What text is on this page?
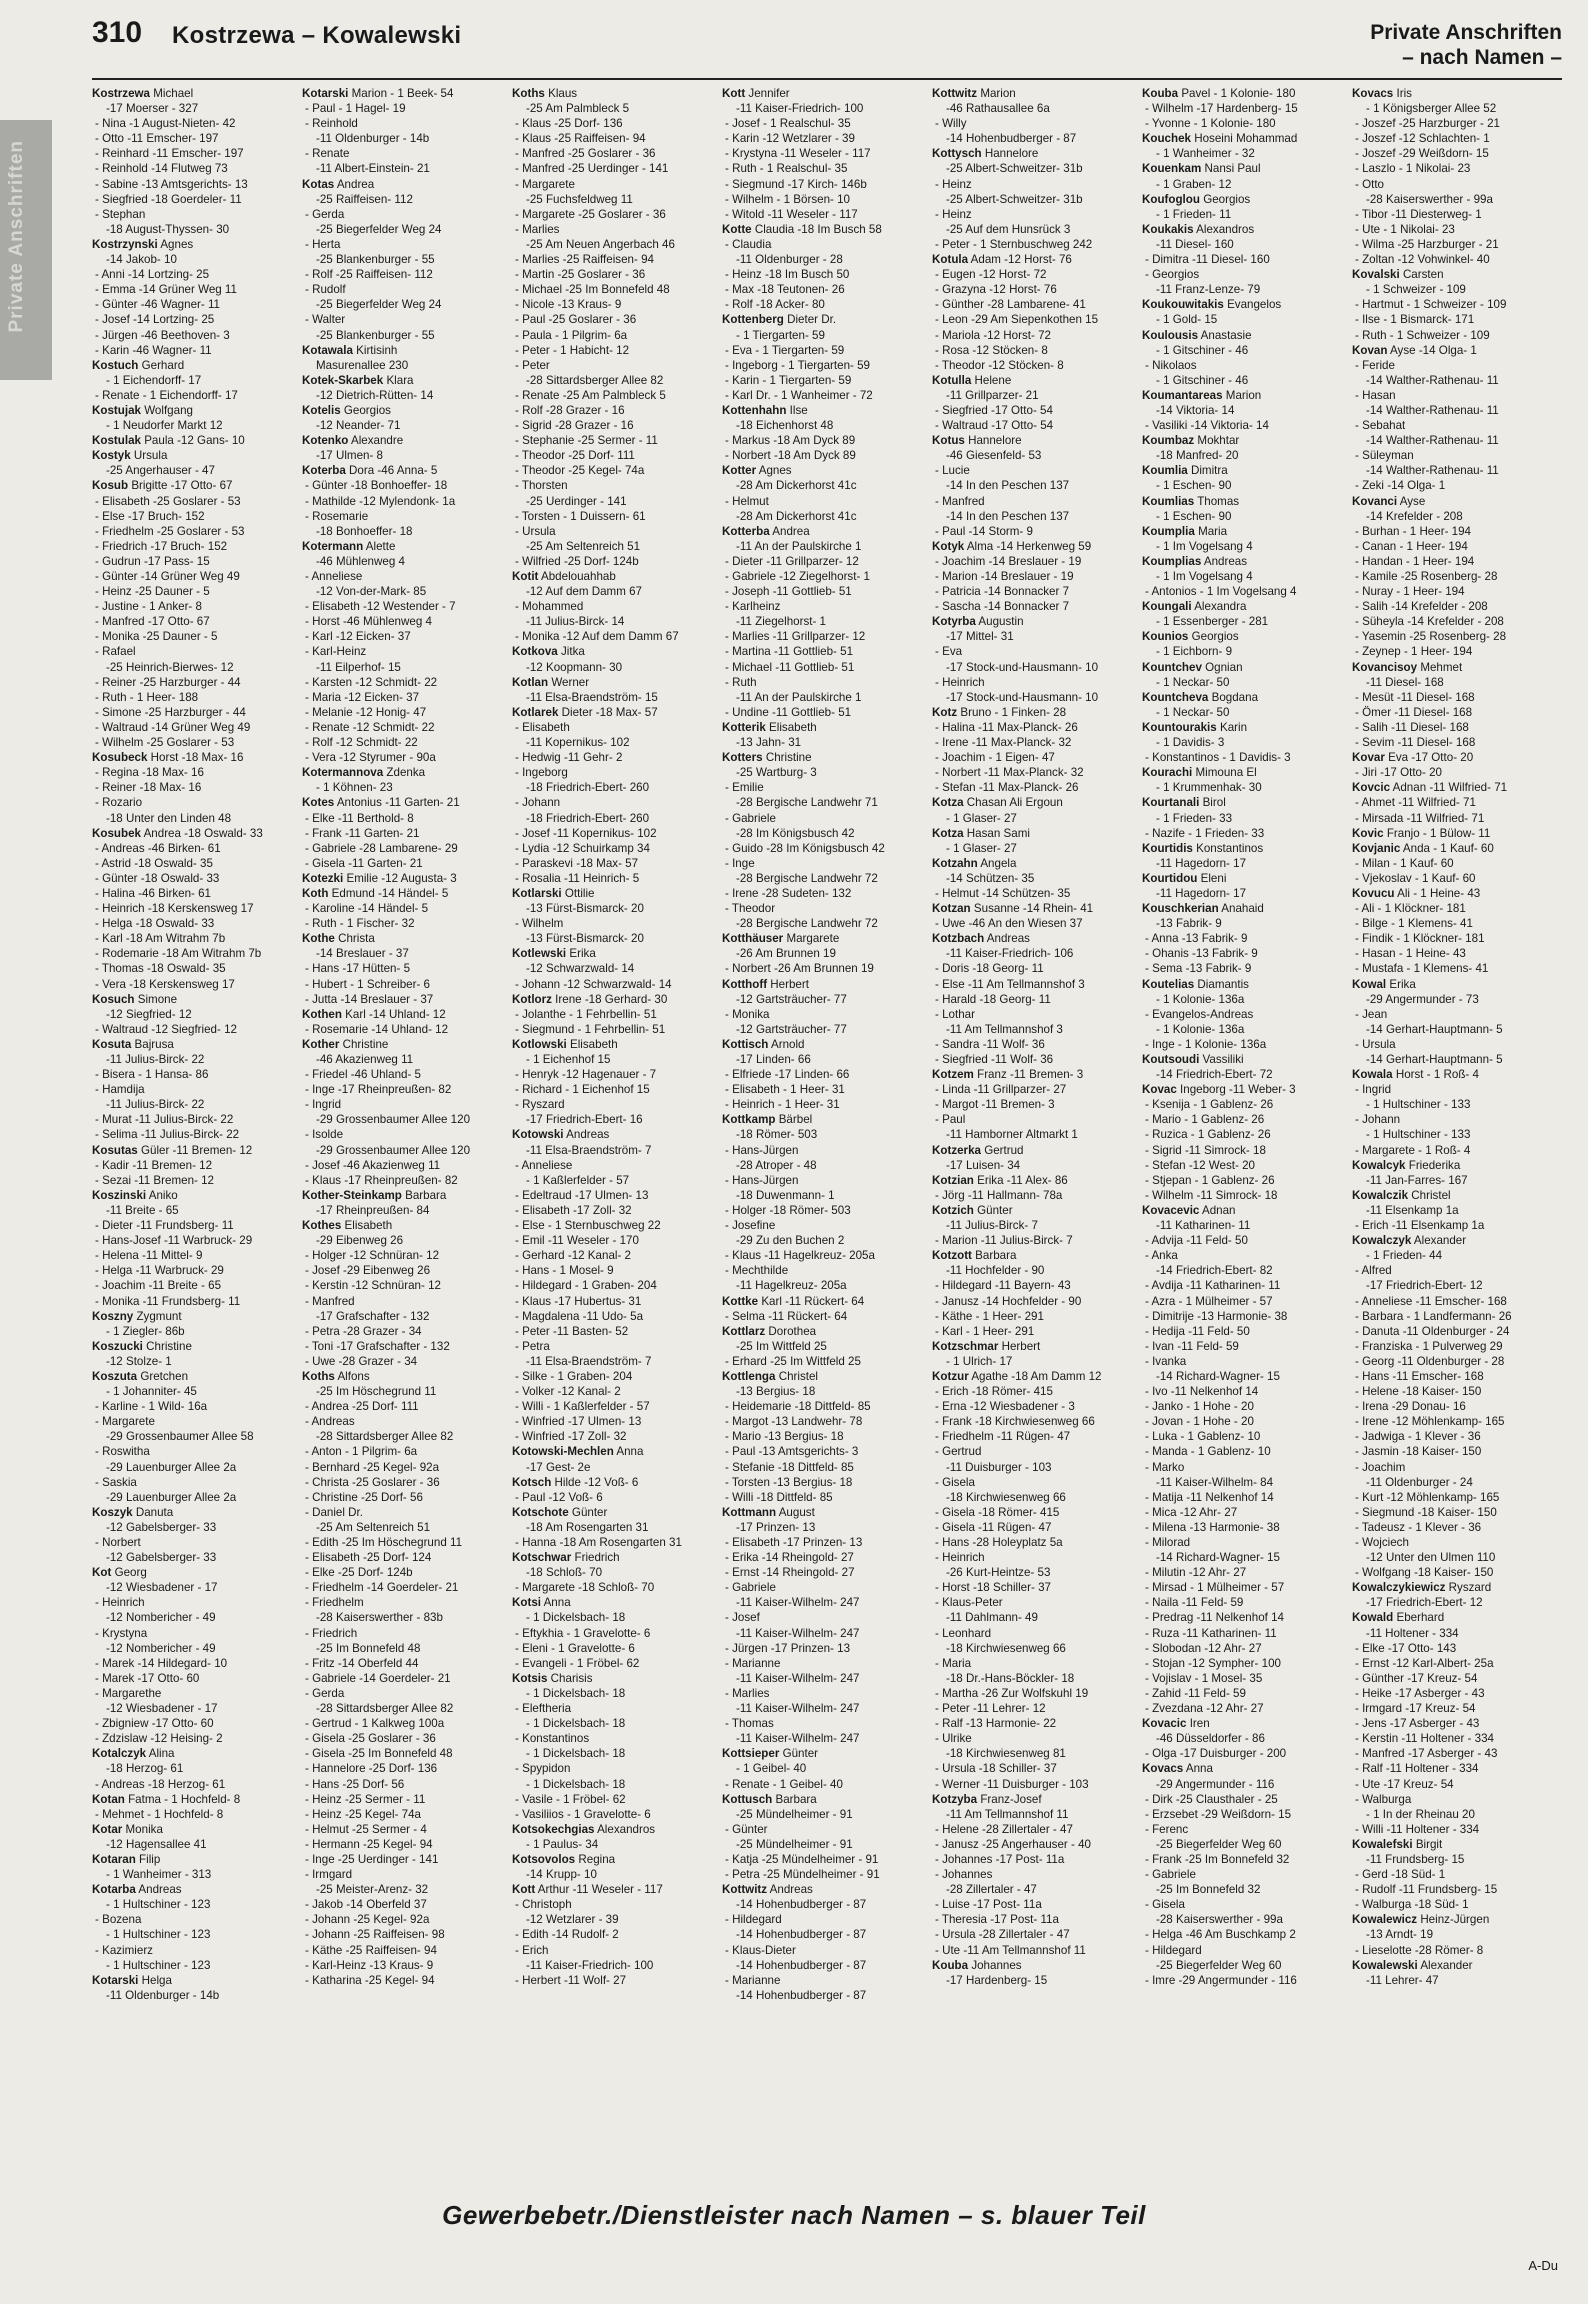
310 Kostrzewa – Kowalewski	Private Anschriften
– nach Namen –
Private Anschriften
Kostrzewa Michael
-17 Moerser - 327
- Nina -1 August-Nieten- 42
- Otto -11 Emscher- 197
- Reinhard -11 Emscher- 197
- Reinhold -14 Flutweg 73
- Sabine -13 Amtsgerichts- 13
- Siegfried -18 Goerdeler- 11
- Stephan
-18 August-Thyssen- 30
Kostrzynski Agnes
-14 Jakob- 10
- Anni -14 Lortzing- 25
- Emma -14 Grüner Weg 11
- Günter -46 Wagner- 11
- Josef -14 Lortzing- 25
- Jürgen -46 Beethoven- 3
- Karin -46 Wagner- 11
Kostuch Gerhard
- 1 Eichendorff- 17
- Renate - 1 Eichendorff- 17
Kostujak Wolfgang
- 1 Neudorfer Markt 12
Kostulak Paula -12 Gans- 10
Kostyk Ursula
-25 Angerhauser - 47
Kosub Brigitte -17 Otto- 67
- Elisabeth -25 Goslarer - 53
- Else -17 Bruch- 152
- Friedhelm -25 Goslarer - 53
- Friedrich -17 Bruch- 152
- Gudrun -17 Pass- 15
- Günter -14 Grüner Weg 49
- Heinz -25 Dauner - 5
- Justine - 1 Anker- 8
- Manfred -17 Otto- 67
- Monika -25 Dauner - 5
- Rafael
-25 Heinrich-Bierwes- 12
- Reiner -25 Harzburger - 44
- Ruth - 1 Heer- 188
- Simone -25 Harzburger - 44
- Waltraud -14 Grüner Weg 49
- Wilhelm -25 Goslarer - 53
Kosubeck Horst -18 Max- 16
- Regina -18 Max- 16
- Reiner -18 Max- 16
- Rozario
-18 Unter den Linden 48
Kosubek Andrea -18 Oswald- 33
- Andreas -46 Birken- 61
- Astrid -18 Oswald- 35
- Günter -18 Oswald- 33
- Halina -46 Birken- 61
- Heinrich -18 Kerskensweg 17
- Helga -18 Oswald- 33
- Karl -18 Am Witrahm 7b
- Rodemarie -18 Am Witrahm 7b
- Thomas -18 Oswald- 35
- Vera -18 Kerskensweg 17
Kosuch Simone
-12 Siegfried- 12
- Waltraud -12 Siegfried- 12
Kosuta Bajrusa
-11 Julius-Birck- 22
- Bisera - 1 Hansa- 86
- Hamdija
-11 Julius-Birck- 22
- Murat -11 Julius-Birck- 22
- Selima -11 Julius-Birck- 22
Kosutas Güler -11 Bremen- 12
- Kadir -11 Bremen- 12
- Sezai -11 Bremen- 12
Koszinski Aniko
-11 Breite - 65
- Dieter -11 Frundsberg- 11
- Hans-Josef -11 Warbruck- 29
- Helena -11 Mittel- 9
- Helga -11 Warbruck- 29
- Joachim -11 Breite - 65
- Monika -11 Frundsberg- 11
Koszny Zygmunt
- 1 Ziegler- 86b
Koszucki Christine
-12 Stolze- 1
Koszuta Gretchen
- 1 Johanniter- 45
- Karline - 1 Wild- 16a
- Margarete
-29 Grossenbaumer Allee 58
- Roswitha
-29 Lauenburger Allee 2a
- Saskia
-29 Lauenburger Allee 2a
Koszyk Danuta
-12 Gabelsberger- 33
- Norbert
-12 Gabelsberger- 33
Kot Georg
-12 Wiesbadener - 17
- Heinrich
-12 Nombericher - 49
- Krystyna
-12 Nombericher - 49
- Marek -14 Hildegard- 10
- Marek -17 Otto- 60
- Margarethe
-12 Wiesbadener - 17
- Zbigniew -17 Otto- 60
- Zdzislaw -12 Heising- 2
Kotalczyk Alina
-18 Herzog- 61
- Andreas -18 Herzog- 61
Kotan Fatma - 1 Hochfeld- 8
- Mehmet - 1 Hochfeld- 8
Kotar Monika
-12 Hagensallee 41
Kotaran Filip
- 1 Wanheimer - 313
Kotarba Andreas
- 1 Hultschiner - 123
- Bozena
- 1 Hultschiner - 123
- Kazimierz
- 1 Hultschiner - 123
Kotarski Helga
-11 Oldenburger - 14b
Kotarski Marion - 1 Beek- 54
- Paul - 1 Hagel- 19
- Reinhold
-11 Oldenburger - 14b
- Renate
-11 Albert-Einstein- 21
Kotas Andrea
-25 Raiffeisen- 112
- Gerda
-25 Biegerfelder Weg 24
- Herta
-25 Blankenburger - 55
- Rolf -25 Raiffeisen- 112
- Rudolf
-25 Biegerfelder Weg 24
- Walter
-25 Blankenburger - 55
Kotawala Kirtisinh
Masurenallee 230
Kotek-Skarbek Klara
-12 Dietrich-Rütten- 14
Kotelis Georgios
-12 Neander- 71
Kotenko Alexandre
-17 Ulmen- 8
Koterba Dora -46 Anna- 5
- Günter -18 Bonhoeffer- 18
- Mathilde -12 Mylendonk- 1a
- Rosemarie
-18 Bonhoeffer- 18
Kotermann Alette
-46 Mühlenweg 4
- Anneliese
-12 Von-der-Mark- 85
- Elisabeth -12 Westender - 7
- Horst -46 Mühlenweg 4
- Karl -12 Eicken- 37
- Karl-Heinz
-11 Eilperhof- 15
- Karsten -12 Schmidt- 22
- Maria -12 Eicken- 37
- Melanie -12 Honig- 47
- Renate -12 Schmidt- 22
- Rolf -12 Schmidt- 22
- Vera -12 Styrumer - 90a
Kotermannova Zdenka
- 1 Köhnen- 23
Kotes Antonius -11 Garten- 21
- Elke -11 Berthold- 8
- Frank -11 Garten- 21
- Gabriele -28 Lambarene- 29
- Gisela -11 Garten- 21
Kotezki Emilie -12 Augusta- 3
Koth Edmund -14 Händel- 5
- Karoline -14 Händel- 5
- Ruth - 1 Fischer- 32
Kothe Christa
-14 Breslauer - 37
- Hans -17 Hütten- 5
- Hubert - 1 Schreiber- 6
- Jutta -14 Breslauer - 37
Kothen Karl -14 Uhland- 12
- Rosemarie -14 Uhland- 12
Kother Christine
-46 Akazienweg 11
- Friedel -46 Uhland- 5
- Inge -17 Rheinpreußen- 82
- Ingrid
-29 Grossenbaumer Allee 120
- Isolde
-29 Grossenbaumer Allee 120
- Josef -46 Akazienweg 11
- Klaus -17 Rheinpreußen- 82
Kother-Steinkamp Barbara
-17 Rheinpreußen- 84
Kothes Elisabeth
-29 Eibenweg 26
- Holger -12 Schnüran- 12
- Josef -29 Eibenweg 26
- Kerstin -12 Schnüran- 12
- Manfred
-17 Grafschafter - 132
- Petra -28 Grazer - 34
- Toni -17 Grafschafter - 132
- Uwe -28 Grazer - 34
Koths Alfons
-25 Im Höschegrund 11
- Andrea -25 Dorf- 111
- Andreas
-28 Sittardsberger Allee 82
- Anton - 1 Pilgrim- 6a
- Bernhard -25 Kegel- 92a
- Christa -25 Goslarer - 36
- Christine -25 Dorf- 56
- Daniel Dr.
-25 Am Seltenreich 51
- Edith -25 Im Höschegrund 11
- Elisabeth -25 Dorf- 124
- Elke -25 Dorf- 124b
- Friedhelm -14 Goerdeler- 21
- Friedhelm
-28 Kaiserswerther - 83b
- Friedrich
-25 Im Bonnefeld 48
- Fritz -14 Oberfeld 44
- Gabriele -14 Goerdeler- 21
- Gerda
-28 Sittardsberger Allee 82
- Gertrud - 1 Kalkweg 100a
- Gisela -25 Goslarer - 36
- Gisela -25 Im Bonnefeld 48
- Hannelore -25 Dorf- 136
- Hans -25 Dorf- 56
- Heinz -25 Sermer - 11
- Heinz -25 Kegel- 74a
- Helmut -25 Sermer - 4
- Hermann -25 Kegel- 94
- Inge -25 Uerdinger - 141
- Irmgard
-25 Meister-Arenz- 32
- Jakob -14 Oberfeld 37
- Johann -25 Kegel- 92a
- Johann -25 Raiffeisen- 98
- Käthe -25 Raiffeisen- 94
- Karl-Heinz -13 Kraus- 9
- Katharina -25 Kegel- 94
Koths Klaus
-25 Am Palmbleck 5
- Klaus -25 Dorf- 136
- Klaus -25 Raiffeisen- 94
- Manfred -25 Goslarer - 36
- Manfred -25 Uerdinger - 141
- Margarete
-25 Fuchsfeldweg 11
- Margarete -25 Goslarer - 36
- Marlies
-25 Am Neuen Angerbach 46
- Marlies -25 Raiffeisen- 94
- Martin -25 Goslarer - 36
- Michael -25 Im Bonnefeld 48
- Nicole -13 Kraus- 9
- Paul -25 Goslarer - 36
- Paula - 1 Pilgrim- 6a
- Peter - 1 Habicht- 12
- Peter
-28 Sittardsberger Allee 82
- Renate -25 Am Palmbleck 5
- Rolf -28 Grazer - 16
- Sigrid -28 Grazer - 16
- Stephanie -25 Sermer - 11
- Theodor -25 Dorf- 111
- Theodor -25 Kegel- 74a
- Thorsten
-25 Uerdinger - 141
- Torsten - 1 Duissern- 61
- Ursula
-25 Am Seltenreich 51
- Wilfried -25 Dorf- 124b
Kotit Abdelouahhab
-12 Auf dem Damm 67
- Mohammed
-11 Julius-Birck- 14
- Monika -12 Auf dem Damm 67
Kotkova Jitka
-12 Koopmann- 30
Kotlan Werner
-11 Elsa-Braendström- 15
Kotlarek Dieter -18 Max- 57
- Elisabeth
-11 Kopernikus- 102
- Hedwig -11 Gehr- 2
- Ingeborg
-18 Friedrich-Ebert- 260
- Johann
-18 Friedrich-Ebert- 260
- Josef -11 Kopernikus- 102
- Lydia -12 Schuirkamp 34
- Paraskevi -18 Max- 57
- Rosalia -11 Heinrich- 5
Kotlarski Ottilie
-13 Fürst-Bismarck- 20
- Wilhelm
-13 Fürst-Bismarck- 20
Kotlewski Erika
-12 Schwarzwald- 14
- Johann -12 Schwarzwald- 14
Kotlorz Irene -18 Gerhard- 30
- Jolanthe - 1 Fehrbellin- 51
- Siegmund - 1 Fehrbellin- 51
Kotlowski Elisabeth
- 1 Eichenhof 15
- Henryk -12 Hagenauer - 7
- Richard - 1 Eichenhof 15
- Ryszard
-17 Friedrich-Ebert- 16
Kotowski Andreas
-11 Elsa-Braendström- 7
- Anneliese
- 1 Kaßlerfelder - 57
- Edeltraud -17 Ulmen- 13
- Elisabeth -17 Zoll- 32
- Else - 1 Sternbuschweg 22
- Emil -11 Weseler - 170
- Gerhard -12 Kanal- 2
- Hans - 1 Mosel- 9
- Hildegard - 1 Graben- 204
- Klaus -17 Hubertus- 31
- Magdalena -11 Udo- 5a
- Peter -11 Basten- 52
- Petra
-11 Elsa-Braendström- 7
- Silke - 1 Graben- 204
- Volker -12 Kanal- 2
- Willi - 1 Kaßlerfelder - 57
- Winfried -17 Ulmen- 13
- Winfried -17 Zoll- 32
Kotowski-Mechlen Anna
-17 Gest- 2e
Kotsch Hilde -12 Voß- 6
- Paul -12 Voß- 6
Kotschote Günter
-18 Am Rosengarten 31
- Hanna -18 Am Rosengarten 31
Kotschwar Friedrich
-18 Schloß- 70
- Margarete -18 Schloß- 70
Kotsi Anna
- 1 Dickelsbach- 18
- Eftykhia - 1 Gravelotte- 6
- Eleni - 1 Gravelotte- 6
- Evangeli - 1 Fröbel- 62
Kotsis Charisis
- 1 Dickelsbach- 18
- Eleftheria
- 1 Dickelsbach- 18
- Konstantinos
- 1 Dickelsbach- 18
- Spypidon
- 1 Dickelsbach- 18
- Vasile - 1 Fröbel- 62
- Vasiliios - 1 Gravelotte- 6
Kotsokechgias Alexandros
- 1 Paulus- 34
Kotsovolos Regina
-14 Krupp- 10
Kott Arthur -11 Weseler - 117
- Christoph
-12 Wetzlarer - 39
- Edith -14 Rudolf- 2
- Erich
-11 Kaiser-Friedrich- 100
- Herbert -11 Wolf- 27
Kott Jennifer
-11 Kaiser-Friedrich- 100
- Josef - 1 Realschul- 35
- Karin -12 Wetzlarer - 39
- Krystyna -11 Weseler - 117
- Ruth - 1 Realschul- 35
- Siegmund -17 Kirch- 146b
- Wilhelm - 1 Börsen- 10
- Witold -11 Weseler - 117
Kotte Claudia -18 Im Busch 58
- Claudia
-11 Oldenburger - 28
- Heinz -18 Im Busch 50
- Max -18 Teutonen- 26
- Rolf -18 Acker- 80
Kottenberg Dieter Dr.
- 1 Tiergarten- 59
- Eva - 1 Tiergarten- 59
- Ingeborg - 1 Tiergarten- 59
- Karin - 1 Tiergarten- 59
- Karl Dr. - 1 Wanheimer - 72
Kottenhahn Ilse
-18 Eichenhorst 48
- Markus -18 Am Dyck 89
- Norbert -18 Am Dyck 89
Kotter Agnes
-28 Am Dickerhorst 41c
- Helmut
-28 Am Dickerhorst 41c
Kotterba Andrea
-11 An der Paulskirche 1
- Dieter -11 Grillparzer- 12
- Gabriele -12 Ziegelhorst- 1
- Joseph -11 Gottlieb- 51
- Karlheinz
-11 Ziegelhorst- 1
- Marlies -11 Grillparzer- 12
- Martina -11 Gottlieb- 51
- Michael -11 Gottlieb- 51
- Ruth
-11 An der Paulskirche 1
- Undine -11 Gottlieb- 51
Kotterik Elisabeth
-13 Jahn- 31
Kotters Christine
-25 Wartburg- 3
- Emilie
-28 Bergische Landwehr 71
- Gabriele
-28 Im Königsbusch 42
- Guido -28 Im Königsbusch 42
- Inge
-28 Bergische Landwehr 72
- Irene -28 Sudeten- 132
- Theodor
-28 Bergische Landwehr 72
Kotthäuser Margarete
-26 Am Brunnen 19
- Norbert -26 Am Brunnen 19
Kotthoff Herbert
-12 Gartsträucher- 77
- Monika
-12 Gartsträucher- 77
Kottisch Arnold
-17 Linden- 66
- Elfriede -17 Linden- 66
- Elisabeth - 1 Heer- 31
- Heinrich - 1 Heer- 31
Kottkamp Bärbel
-18 Römer- 503
- Hans-Jürgen
-28 Atroper - 48
- Hans-Jürgen
-18 Duwenmann- 1
- Holger -18 Römer- 503
- Josefine
-29 Zu den Buchen 2
- Klaus -11 Hagelkreuz- 205a
- Mechthilde
-11 Hagelkreuz- 205a
Kottke Karl -11 Rückert- 64
- Selma -11 Rückert- 64
Kottlarz Dorothea
-25 Im Wittfeld 25
- Erhard -25 Im Wittfeld 25
Kottlenga Christel
-13 Bergius- 18
- Heidemarie -18 Dittfeld- 85
- Margot -13 Landwehr- 78
- Mario -13 Bergius- 18
- Paul -13 Amtsgerichts- 3
- Stefanie -18 Dittfeld- 85
- Torsten -13 Bergius- 18
- Willi -18 Dittfeld- 85
Kottmann August
-17 Prinzen- 13
- Elisabeth -17 Prinzen- 13
- Erika -14 Rheingold- 27
- Ernst -14 Rheingold- 27
- Gabriele
-11 Kaiser-Wilhelm- 247
- Josef
-11 Kaiser-Wilhelm- 247
- Jürgen -17 Prinzen- 13
- Marianne
-11 Kaiser-Wilhelm- 247
- Marlies
-11 Kaiser-Wilhelm- 247
- Thomas
-11 Kaiser-Wilhelm- 247
Kottsieper Günter
- 1 Geibel- 40
- Renate - 1 Geibel- 40
Kottusch Barbara
-25 Mündelheimer - 91
- Günter
-25 Mündelheimer - 91
- Katja -25 Mündelheimer - 91
- Petra -25 Mündelheimer - 91
Kottwitz Andreas
-14 Hohenbudberger - 87
- Hildegard
-14 Hohenbudberger - 87
- Klaus-Dieter
-14 Hohenbudberger - 87
- Marianne
-14 Hohenbudberger - 87
Kottwitz Marion
-46 Rathausallee 6a
- Willy
-14 Hohenbudberger - 87
Kottysch Hannelore
-25 Albert-Schweitzer- 31b
- Heinz
-25 Albert-Schweitzer- 31b
- Heinz
-25 Auf dem Hunsrück 3
- Peter - 1 Sternbuschweg 242
Kotula Adam -12 Horst- 76
- Eugen -12 Horst- 72
- Grazyna -12 Horst- 76
- Günther -28 Lambarene- 41
- Leon -29 Am Siepenkothen 15
- Mariola -12 Horst- 72
- Rosa -12 Stöcken- 8
- Theodor -12 Stöcken- 8
Kotulla Helene
-11 Grillparzer- 21
- Siegfried -17 Otto- 54
- Waltraud -17 Otto- 54
Kotus Hannelore
-46 Giesenfeld- 53
- Lucie
-14 In den Peschen 137
- Manfred
-14 In den Peschen 137
- Paul -14 Storm- 9
Kotyk Alma -14 Herkenweg 59
- Joachim -14 Breslauer - 19
- Marion -14 Breslauer - 19
- Patricia -14 Bonnacker 7
- Sascha -14 Bonnacker 7
Kotyrba Augustin
-17 Mittel- 31
- Eva
-17 Stock-und-Hausmann- 10
- Heinrich
-17 Stock-und-Hausmann- 10
Kotz Bruno - 1 Finken- 28
- Halina -11 Max-Planck- 26
- Irene -11 Max-Planck- 32
- Joachim - 1 Eigen- 47
- Norbert -11 Max-Planck- 32
- Stefan -11 Max-Planck- 26
Kotza Chasan Ali Ergoun
- 1 Glaser- 27
Kotza Hasan Sami
- 1 Glaser- 27
Kotzahn Angela
-14 Schützen- 35
- Helmut -14 Schützen- 35
Kotzan Susanne -14 Rhein- 41
- Uwe -46 An den Wiesen 37
Kotzbach Andreas
-11 Kaiser-Friedrich- 106
- Doris -18 Georg- 11
- Else -11 Am Tellmannshof 3
- Harald -18 Georg- 11
- Lothar
-11 Am Tellmannshof 3
- Sandra -11 Wolf- 36
- Siegfried -11 Wolf- 36
Kotzem Franz -11 Bremen- 3
- Linda -11 Grillparzer- 27
- Margot -11 Bremen- 3
- Paul
-11 Hamborner Altmarkt 1
Kotzerka Gertrud
-17 Luisen- 34
Kotzian Erika -11 Alex- 86
- Jörg -11 Hallmann- 78a
Kotzich Günter
-11 Julius-Birck- 7
- Marion -11 Julius-Birck- 7
Kotzott Barbara
-11 Hochfelder - 90
- Hildegard -11 Bayern- 43
- Janusz -14 Hochfelder - 90
- Käthe - 1 Heer- 291
- Karl - 1 Heer- 291
Kotzschmar Herbert
- 1 Ulrich- 17
Kotzur Agathe -18 Am Damm 12
- Erich -18 Römer- 415
- Erna -12 Wiesbadener - 3
- Frank -18 Kirchwiesenweg 66
- Friedhelm -11 Rügen- 47
- Gertrud
-11 Duisburger - 103
- Gisela
-18 Kirchwiesenweg 66
- Gisela -18 Römer- 415
- Gisela -11 Rügen- 47
- Hans -28 Holeyplatz 5a
- Heinrich
-26 Kurt-Heintze- 53
- Horst -18 Schiller- 37
- Klaus-Peter
-11 Dahlmann- 49
- Leonhard
-18 Kirchwiesenweg 66
- Maria
-18 Dr.-Hans-Böckler- 18
- Martha -26 Zur Wolfskuhl 19
- Peter -11 Lehrer- 12
- Ralf -13 Harmonie- 22
- Ulrike
-18 Kirchwiesenweg 81
- Ursula -18 Schiller- 37
- Werner -11 Duisburger - 103
Kotzyba Franz-Josef
-11 Am Tellmannshof 11
- Helene -28 Zillertaler - 47
- Janusz -25 Angerhauser - 40
- Johannes -17 Post- 11a
- Johannes
-28 Zillertaler - 47
- Luise -17 Post- 11a
- Theresia -17 Post- 11a
- Ursula -28 Zillertaler - 47
- Ute -11 Am Tellmannshof 11
Kouba Johannes
-17 Hardenberg- 15
Kouba Pavel - 1 Kolonie- 180
- Wilhelm -17 Hardenberg- 15
- Yvonne - 1 Kolonie- 180
Kouchek Hoseini Mohammad
- 1 Wanheimer - 32
Kouenkam Nansi Paul
- 1 Graben- 12
Koufoglou Georgios
- 1 Frieden- 11
Koukakis Alexandros
-11 Diesel- 160
- Dimitra -11 Diesel- 160
- Georgios
-11 Franz-Lenze- 79
Koukouwitakis Evangelos
- 1 Gold- 15
Koulousis Anastasie
- 1 Gitschiner - 46
- Nikolaos
- 1 Gitschiner - 46
Koumantareas Marion
-14 Viktoria- 14
- Vasiliki -14 Viktoria- 14
Koumbaz Mokhtar
-18 Manfred- 20
Koumlia Dimitra
- 1 Eschen- 90
Koumlias Thomas
- 1 Eschen- 90
Koumplia Maria
- 1 Im Vogelsang 4
Koumplias Andreas
- 1 Im Vogelsang 4
- Antonios - 1 Im Vogelsang 4
Koungali Alexandra
- 1 Essenberger - 281
Kounios Georgios
- 1 Eichborn- 9
Kountchev Ognian
- 1 Neckar- 50
Kountcheva Bogdana
- 1 Neckar- 50
Kountourakis Karin
- 1 Davidis- 3
- Konstantinos - 1 Davidis- 3
Kourachi Mimouna El
- 1 Krummenhak- 30
Kourtanali Birol
- 1 Frieden- 33
- Nazife - 1 Frieden- 33
Kourtidis Konstantinos
-11 Hagedorn- 17
Kourtidou Eleni
-11 Hagedorn- 17
Kouschkerian Anahaid
-13 Fabrik- 9
- Anna -13 Fabrik- 9
- Ohanis -13 Fabrik- 9
- Sema -13 Fabrik- 9
Koutelias Diamantis
- 1 Kolonie- 136a
- Evangelos-Andreas
- 1 Kolonie- 136a
- Inge - 1 Kolonie- 136a
Koutsoudi Vassiliki
-14 Friedrich-Ebert- 72
Kovac Ingeborg -11 Weber- 3
- Ksenija - 1 Gablenz- 26
- Mario - 1 Gablenz- 26
- Ruzica - 1 Gablenz- 26
- Sigrid -11 Simrock- 18
- Stefan -12 West- 20
- Stjepan - 1 Gablenz- 26
- Wilhelm -11 Simrock- 18
Kovacevic Adnan
-11 Katharinen- 11
- Advija -11 Feld- 50
- Anka
-14 Friedrich-Ebert- 82
- Avdija -11 Katharinen- 11
- Azra - 1 Mülheimer - 57
- Dimitrije -13 Harmonie- 38
- Hedija -11 Feld- 50
- Ivan -11 Feld- 59
- Ivanka
-14 Richard-Wagner- 15
- Ivo -11 Nelkenhof 14
- Janko - 1 Hohe - 20
- Jovan - 1 Hohe - 20
- Luka - 1 Gablenz- 10
- Manda - 1 Gablenz- 10
- Marko
-11 Kaiser-Wilhelm- 84
- Matija -11 Nelkenhof 14
- Mica -12 Ahr- 27
- Milena -13 Harmonie- 38
- Milorad
-14 Richard-Wagner- 15
- Milutin -12 Ahr- 27
- Mirsad - 1 Mülheimer - 57
- Naila -11 Feld- 59
- Predrag -11 Nelkenhof 14
- Ruza -11 Katharinen- 11
- Slobodan -12 Ahr- 27
- Stojan -12 Sympher- 100
- Vojislav - 1 Mosel- 35
- Zahid -11 Feld- 59
- Zvezdana -12 Ahr- 27
Kovacic Iren
-46 Düsseldorfer - 86
- Olga -17 Duisburger - 200
Kovacs Anna
-29 Angermunder - 116
- Dirk -25 Clausthaler - 25
- Erzsebet -29 Weißdorn- 15
- Ferenc
-25 Biegerfelder Weg 60
- Frank -25 Im Bonnefeld 32
- Gabriele
-25 Im Bonnefeld 32
- Gisela
-28 Kaiserswerther - 99a
- Helga -46 Am Buschkamp 2
- Hildegard
-25 Biegerfelder Weg 60
- Imre -29 Angermunder - 116
Kovacs Iris
- 1 Königsberger Allee 52
- Joszef -25 Harzburger - 21
- Joszef -12 Schlachten- 1
- Joszef -29 Weißdorn- 15
- Laszlo - 1 Nikolai- 23
- Otto
-28 Kaiserswerther - 99a
- Tibor -11 Diesterweg- 1
- Ute - 1 Nikolai- 23
- Wilma -25 Harzburger - 21
- Zoltan -12 Vohwinkel- 40
Kovalski Carsten
- 1 Schweizer - 109
- Hartmut - 1 Schweizer - 109
- Ilse - 1 Bismarck- 171
- Ruth - 1 Schweizer - 109
Kovan Ayse -14 Olga- 1
- Feride
-14 Walther-Rathenau- 11
- Hasan
-14 Walther-Rathenau- 11
- Sebahat
-14 Walther-Rathenau- 11
- Süleyman
-14 Walther-Rathenau- 11
- Zeki -14 Olga- 1
Kovanci Ayse
-14 Krefelder - 208
- Burhan - 1 Heer- 194
- Canan - 1 Heer- 194
- Handan - 1 Heer- 194
- Kamile -25 Rosenberg- 28
- Nuray - 1 Heer- 194
- Salih -14 Krefelder - 208
- Süheyla -14 Krefelder - 208
- Yasemin -25 Rosenberg- 28
- Zeynep - 1 Heer- 194
Kovancisoy Mehmet
-11 Diesel- 168
- Mesüt -11 Diesel- 168
- Ömer -11 Diesel- 168
- Salih -11 Diesel- 168
- Sevim -11 Diesel- 168
Kovar Eva -17 Otto- 20
- Jiri -17 Otto- 20
Kovcic Adnan -11 Wilfried- 71
- Ahmet -11 Wilfried- 71
- Mirsada -11 Wilfried- 71
Kovic Franjo - 1 Bülow- 11
Kovjanic Anda - 1 Kauf- 60
- Milan - 1 Kauf- 60
- Vjekoslav - 1 Kauf- 60
Kovucu Ali - 1 Heine- 43
- Ali - 1 Klöckner- 181
- Bilge - 1 Klemens- 41
- Findik - 1 Klöckner- 181
- Hasan - 1 Heine- 43
- Mustafa - 1 Klemens- 41
Kowal Erika
-29 Angermunder - 73
- Jean
-14 Gerhart-Hauptmann- 5
- Ursula
-14 Gerhart-Hauptmann- 5
Kowala Horst - 1 Roß- 4
- Ingrid
- 1 Hultschiner - 133
- Johann
- 1 Hultschiner - 133
- Margarete - 1 Roß- 4
Kowalcyk Friederika
-11 Jan-Farres- 167
Kowalczik Christel
-11 Elsenkamp 1a
- Erich -11 Elsenkamp 1a
Kowalczyk Alexander
- 1 Frieden- 44
- Alfred
-17 Friedrich-Ebert- 12
- Anneliese -11 Emscher- 168
- Barbara - 1 Landfermann- 26
- Danuta -11 Oldenburger - 24
- Franziska - 1 Pulverweg 29
- Georg -11 Oldenburger - 28
- Hans -11 Emscher- 168
- Helene -18 Kaiser- 150
- Irena -29 Donau- 16
- Irene -12 Möhlenkamp- 165
- Jadwiga - 1 Klever - 36
- Jasmin -18 Kaiser- 150
- Joachim
-11 Oldenburger - 24
- Kurt -12 Möhlenkamp- 165
- Siegmund -18 Kaiser- 150
- Tadeusz - 1 Klever - 36
- Wojciech
-12 Unter den Ulmen 110
- Wolfgang -18 Kaiser- 150
Kowalczykiewicz Ryszard
-17 Friedrich-Ebert- 12
Kowald Eberhard
-11 Holtener - 334
- Elke -17 Otto- 143
- Ernst -12 Karl-Albert- 25a
- Günther -17 Kreuz- 54
- Heike -17 Asberger - 43
- Irmgard -17 Kreuz- 54
- Jens -17 Asberger - 43
- Kerstin -11 Holtener - 334
- Manfred -17 Asberger - 43
- Ralf -11 Holtener - 334
- Ute -17 Kreuz- 54
- Walburga
- 1 In der Rheinau 20
- Willi -11 Holtener - 334
Kowalefski Birgit
-11 Frundsberg- 15
- Gerd -18 Süd- 1
- Rudolf -11 Frundsberg- 15
- Walburga -18 Süd- 1
Kowalewicz Heinz-Jürgen
-13 Arndt- 19
- Lieselotte -28 Römer- 8
Kowalewski Alexander
-11 Lehrer- 47
Gewerbebetr./Dienstleister nach Namen – s. blauer Teil
A-Du
